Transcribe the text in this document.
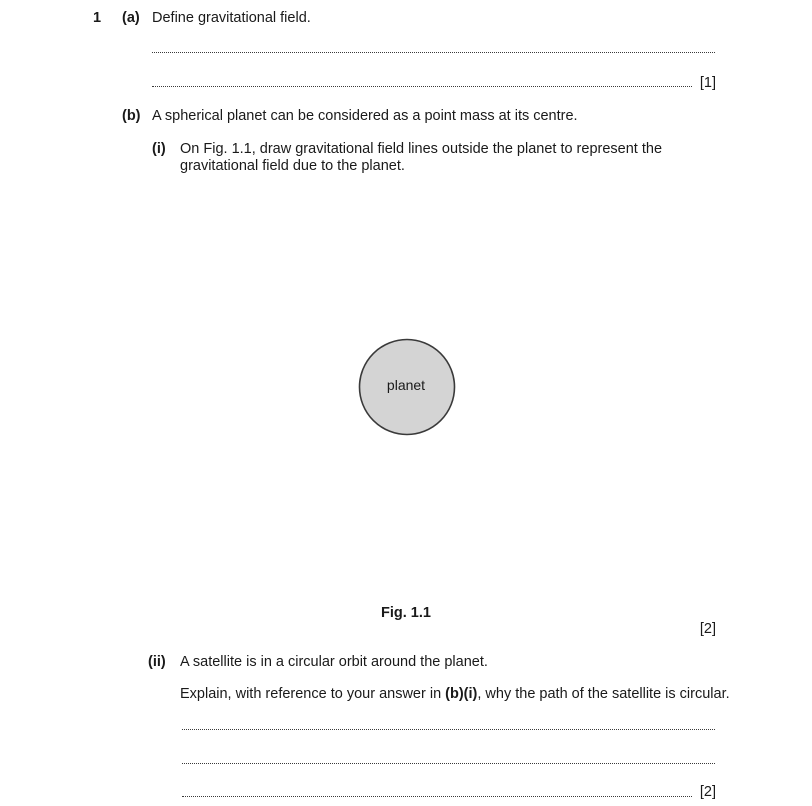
1 (a) Define gravitational field.
[1]
(b) A spherical planet can be considered as a point mass at its centre.
(i) On Fig. 1.1, draw gravitational field lines outside the planet to represent the gravitational field due to the planet.
planet
Fig. 1.1
[2]
(ii) A satellite is in a circular orbit around the planet.
Explain, with reference to your answer in (b)(i), why the path of the satellite is circular.
[2]
